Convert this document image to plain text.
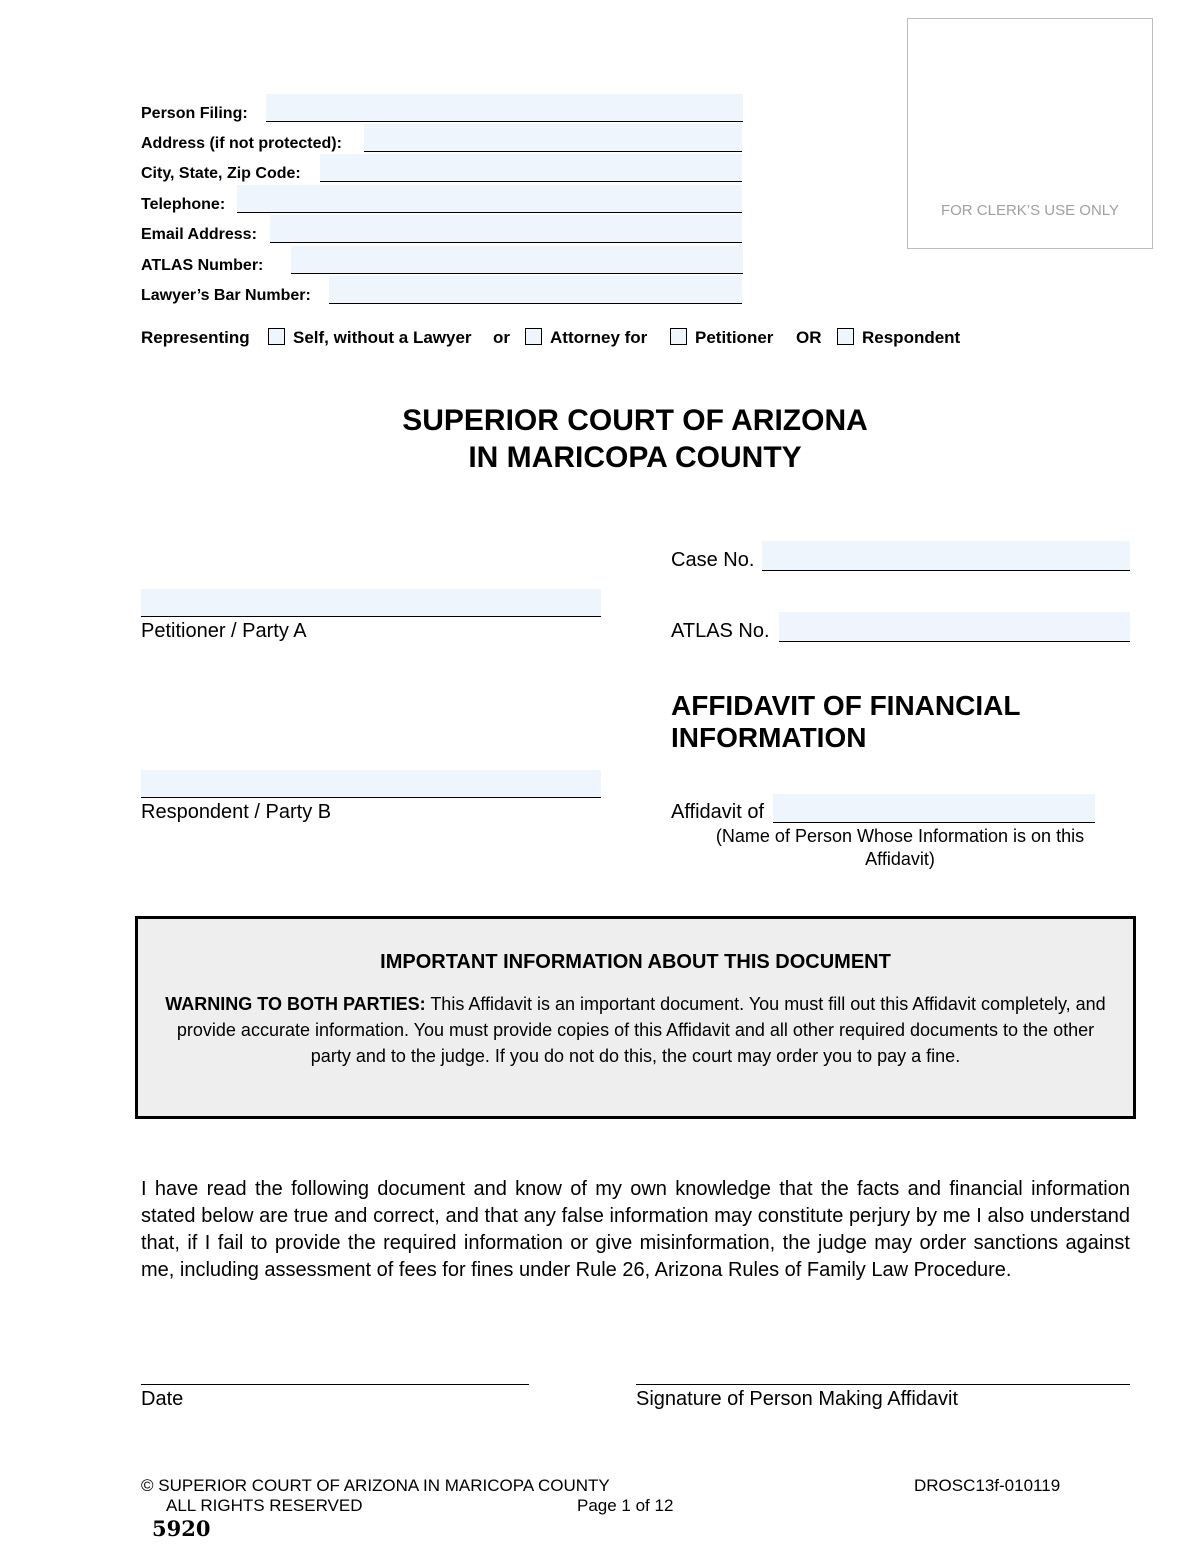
FOR CLERK’S USE ONLY
Person Filing:
Address (if not protected):
City, State, Zip Code:
Telephone:
Email Address:
ATLAS Number:
Lawyer’s Bar Number:
Representing	Self, without a Lawyer or	Attorney for	Petitioner OR	Respondent
SUPERIOR COURT OF ARIZONA
IN MARICOPA COUNTY
Case No.
ATLAS No.
Petitioner / Party A
Respondent / Party B
AFFIDAVIT OF FINANCIAL
INFORMATION
Affidavit of
(Name of Person Whose Information is on this
Affidavit)
IMPORTANT INFORMATION ABOUT THIS DOCUMENT
WARNING TO BOTH PARTIES: This Affidavit is an important document. You must fill out this Affidavit completely, and provide accurate information. You must provide copies of this Affidavit and all other required documents to the other party and to the judge. If you do not do this, the court may order you to pay a fine.
I have read the following document and know of my own knowledge that the facts and financial information stated below are true and correct, and that any false information may constitute perjury by me I also understand that, if I fail to provide the required information or give misinformation, the judge may order sanctions against me, including assessment of fees for fines under Rule 26, Arizona Rules of Family Law Procedure.
Date	Signature of Person Making Affidavit
© SUPERIOR COURT OF ARIZONA IN MARICOPA COUNTY
ALL RIGHTS RESERVED	Page 1 of 12
DROSC13f-010119
5920
